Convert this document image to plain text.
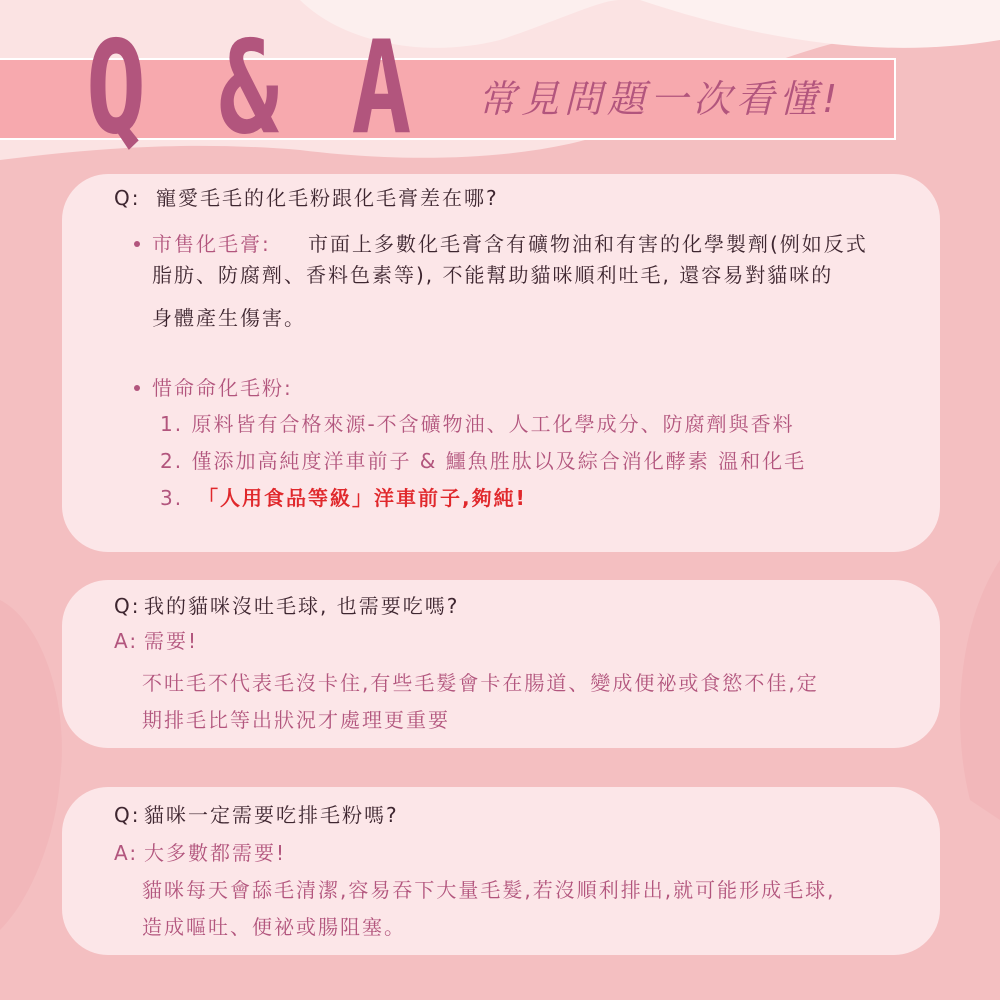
Q & A 常見問題一次看懂!
Q: 寵愛毛毛的化毛粉跟化毛膏差在哪?
市售化毛膏: 市面上多數化毛膏含有礦物油和有害的化學製劑(例如反式
脂肪、防腐劑、香料色素等), 不能幫助貓咪順利吐毛, 還容易對貓咪的
身體產生傷害。
惜命命化毛粉:
1. 原料皆有合格來源-不含礦物油、人工化學成分、防腐劑與香料
2. 僅添加高純度洋車前子 & 鱷魚胜肽以及綜合消化酵素 溫和化毛
3. 「人用食品等級」洋車前子,夠純!
Q: 我的貓咪沒吐毛球, 也需要吃嗎?
A: 需要!
不吐毛不代表毛沒卡住,有些毛髮會卡在腸道、變成便祕或食慾不佳,定
期排毛比等出狀況才處理更重要
Q: 貓咪一定需要吃排毛粉嗎?
A: 大多數都需要!
貓咪每天會舔毛清潔,容易吞下大量毛髮,若沒順利排出,就可能形成毛球,
造成嘔吐、便祕或腸阻塞。
